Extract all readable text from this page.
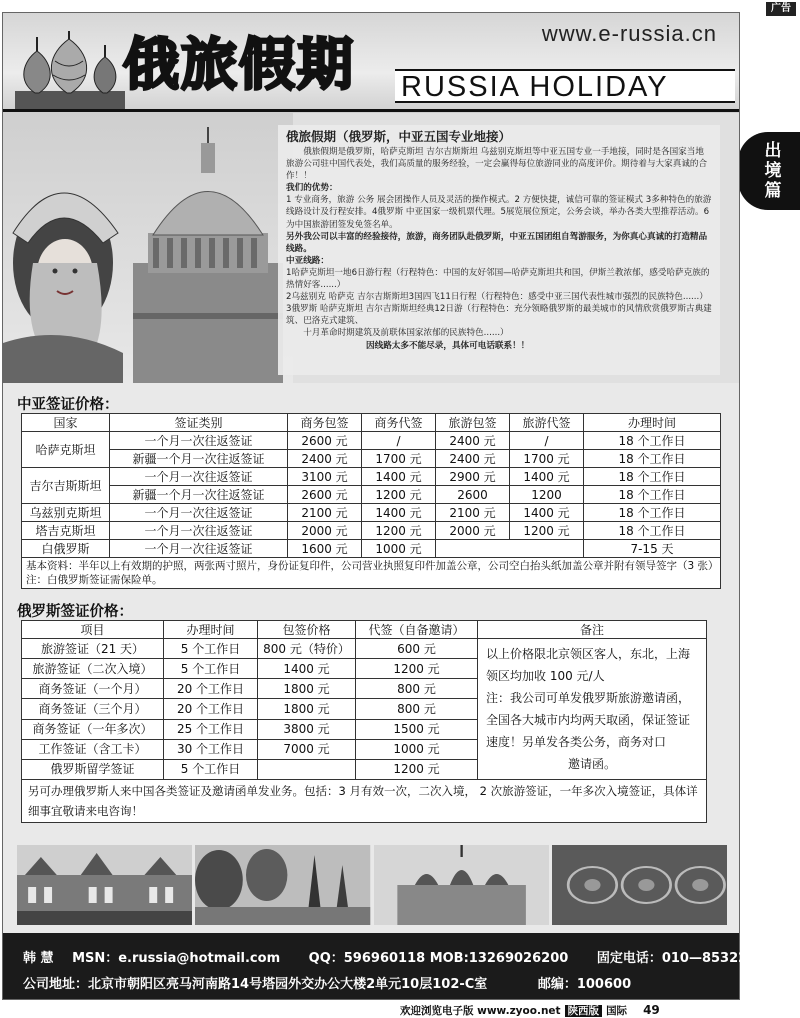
广告
出
境
篇
www.e-russia.cn
俄旅假期 RUSSIA HOLIDAY
俄旅假期（俄罗斯，中亚五国专业地接）

俄旅假期是俄罗斯，哈萨克斯坦 吉尔吉斯斯坦 乌兹别克斯坦等中亚五国专业一手地接，同时是各国家当地旅游公司驻中国代表处，我们高质量的服务经验，一定会赢得每位旅游同业的高度评价。期待着与大家真诚的合作！！

我们的优势：

1 专业商务，旅游 公务 展会团操作人员及灵活的操作模式。2 方便快捷，诚信可靠的签证模式 3多种特色的旅游线路设计及行程安排。4俄罗斯 中亚国家一级机票代理。5展览展位预定，公务会谈，举办各类大型推荐活动。6为中国旅游团签发免签名单。

另外我公司以丰富的经验接待，旅游，商务团队赴俄罗斯，中亚五国团组自驾游服务，为你真心真诚的打造精品线路。

中亚线路：

1哈萨克斯坦一地6日游行程（行程特色：中国的友好邻国—哈萨克斯坦共和国，伊斯兰教浓郁，感受哈萨克族的热情好客......）

2乌兹别克 哈萨克 吉尔吉斯斯坦3国四飞11日行程（行程特色：感受中亚三国代表性城市强烈的民族特色......）

3俄罗斯 哈萨克斯坦 吉尔吉斯斯坦经典12日游（行程特色：充分领略俄罗斯的最美城市的风情欣赏俄罗斯古典建筑、巴洛克式建筑、

十月革命时期建筑及前联体国家浓郁的民族特色......）

因线路太多不能尽录，具体可电话联系！！

中亚签证价格：
国家	签证类别	商务包签	商务代签	旅游包签	旅游代签	办理时间
哈萨克斯坦	一个月一次往返签证	2600 元	/	2400 元	/	18 个工作日
	新疆一个月一次往返签证	2400 元	1700 元	2400 元	1700 元	18 个工作日
吉尔吉斯斯坦	一个月一次往返签证	3100 元	1400 元	2900 元	1400 元	18 个工作日
	新疆一个月一次往返签证	2600 元	1200 元	2600	1200	18 个工作日
乌兹别克斯坦	一个月一次往返签证	2100 元	1400 元	2100 元	1400 元	18 个工作日
塔吉克斯坦	一个月一次往返签证	2000 元	1200 元	2000 元	1200 元	18 个工作日
白俄罗斯	一个月一次往返签证	1600 元	1000 元			7-15 天
基本资料：半年以上有效期的护照，两张两寸照片，身份证复印件，公司营业执照复印件加盖公章，公司空白抬头纸加盖公章并附有领导签字（3 张）注：白俄罗斯签证需保险单。						
俄罗斯签证价格：
项目	办理时间	包签价格	代签（自备邀请）	备注
旅游签证（21 天）	5 个工作日	800 元（特价）	600 元	以上价格限北京领区客人，东北，上海领区均加收 100 元/人
注：我公司可单发俄罗斯旅游邀请函，全国各大城市内均两天取函，保证签证速度！另单发各类公务，商务对口
邀请函。

旅游签证（二次入境）	5 个工作日	1400 元	1200 元	
商务签证（一个月）	20 个工作日	1800 元	800 元	
商务签证（三个月）	20 个工作日	1800 元	800 元	
商务签证（一年多次）	25 个工作日	3800 元	1500 元	
工作签证（含工卡）	30 个工作日	7000 元	1000 元	
俄罗斯留学签证	5 个工作日		1200 元	
另可办理俄罗斯人来中国各类签证及邀请函单发业务。包括：3 月有效一次，二次入境， 2 次旅游签证，一年多次入境签证，具体详细事宜敬请来电咨询！				
韩 慧 MSN：e.russia@hotmail.com QQ：596960118 MOB:13269026200 固定电话：010—85322923
公司地址：北京市朝阳区亮马河南路14号塔园外交办公大楼2单元10层102-C室	邮编：100600
欢迎浏览电子版 www.zyoo.net 陕西版 国际 49
